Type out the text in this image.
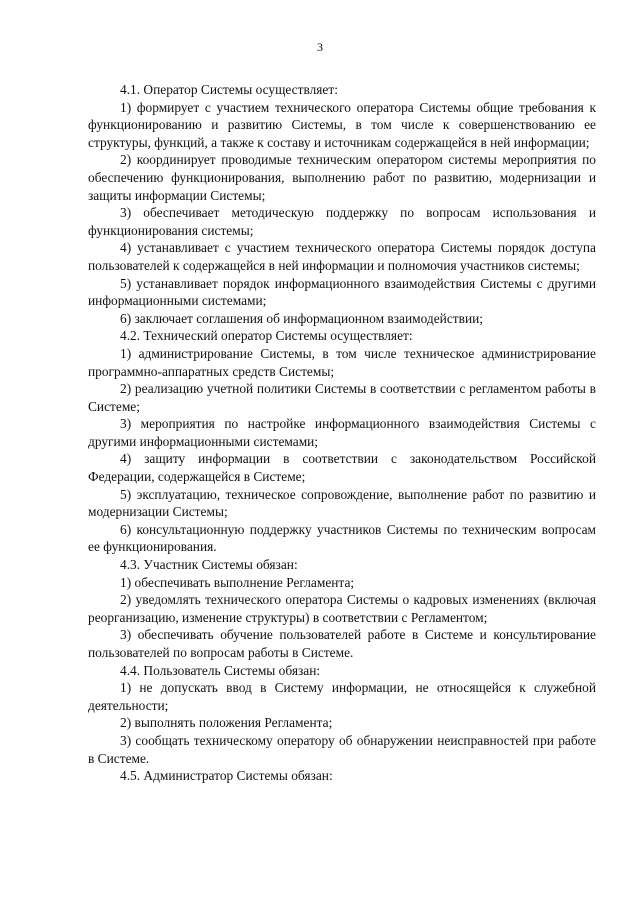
3

4.1. Оператор Системы осуществляет:

1) формирует с участием технического оператора Системы общие требования к функционированию и развитию Системы, в том числе к совершенствованию ее структуры, функций, а также к составу и источникам содержащейся в ней информации;

2) координирует проводимые техническим оператором системы мероприятия по обеспечению функционирования, выполнению работ по развитию, модернизации и защиты информации Системы;

3) обеспечивает методическую поддержку по вопросам использования и функционирования системы;

4) устанавливает с участием технического оператора Системы порядок доступа пользователей к содержащейся в ней информации и полномочия участников системы;

5) устанавливает порядок информационного взаимодействия Системы с другими информационными системами;

6) заключает соглашения об информационном взаимодействии;

4.2. Технический оператор Системы осуществляет:

1) администрирование Системы, в том числе техническое администрирование программно-аппаратных средств Системы;

2) реализацию учетной политики Системы в соответствии с регламентом работы в Системе;

3) мероприятия по настройке информационного взаимодействия Системы с другими информационными системами;

4) защиту информации в соответствии с законодательством Российской Федерации, содержащейся в Системе;

5) эксплуатацию, техническое сопровождение, выполнение работ по развитию и модернизации Системы;

6) консультационную поддержку участников Системы по техническим вопросам ее функционирования.

4.3. Участник Системы обязан:

1) обеспечивать выполнение Регламента;

2) уведомлять технического оператора Системы о кадровых изменениях (включая реорганизацию, изменение структуры) в соответствии с Регламентом;

3) обеспечивать обучение пользователей работе в Системе и консультирование пользователей по вопросам работы в Системе.

4.4. Пользователь Системы обязан:

1) не допускать ввод в Систему информации, не относящейся к служебной деятельности;

2) выполнять положения Регламента;

3) сообщать техническому оператору об обнаружении неисправностей при работе в Системе.

4.5. Администратор Системы обязан:
